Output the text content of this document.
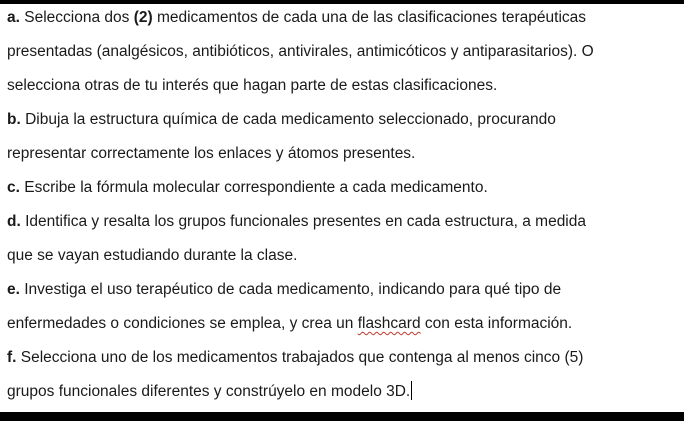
a. Selecciona dos (2) medicamentos de cada una de las clasificaciones terapéuticas
presentadas (analgésicos, antibióticos, antivirales, antimicóticos y antiparasitarios). O
selecciona otras de tu interés que hagan parte de estas clasificaciones.
b. Dibuja la estructura química de cada medicamento seleccionado, procurando
representar correctamente los enlaces y átomos presentes.
c. Escribe la fórmula molecular correspondiente a cada medicamento.
d. Identifica y resalta los grupos funcionales presentes en cada estructura, a medida
que se vayan estudiando durante la clase.
e. Investiga el uso terapéutico de cada medicamento, indicando para qué tipo de
enfermedades o condiciones se emplea, y crea un flashcard con esta información.
f. Selecciona uno de los medicamentos trabajados que contenga al menos cinco (5)
grupos funcionales diferentes y constrúyelo en modelo 3D.
